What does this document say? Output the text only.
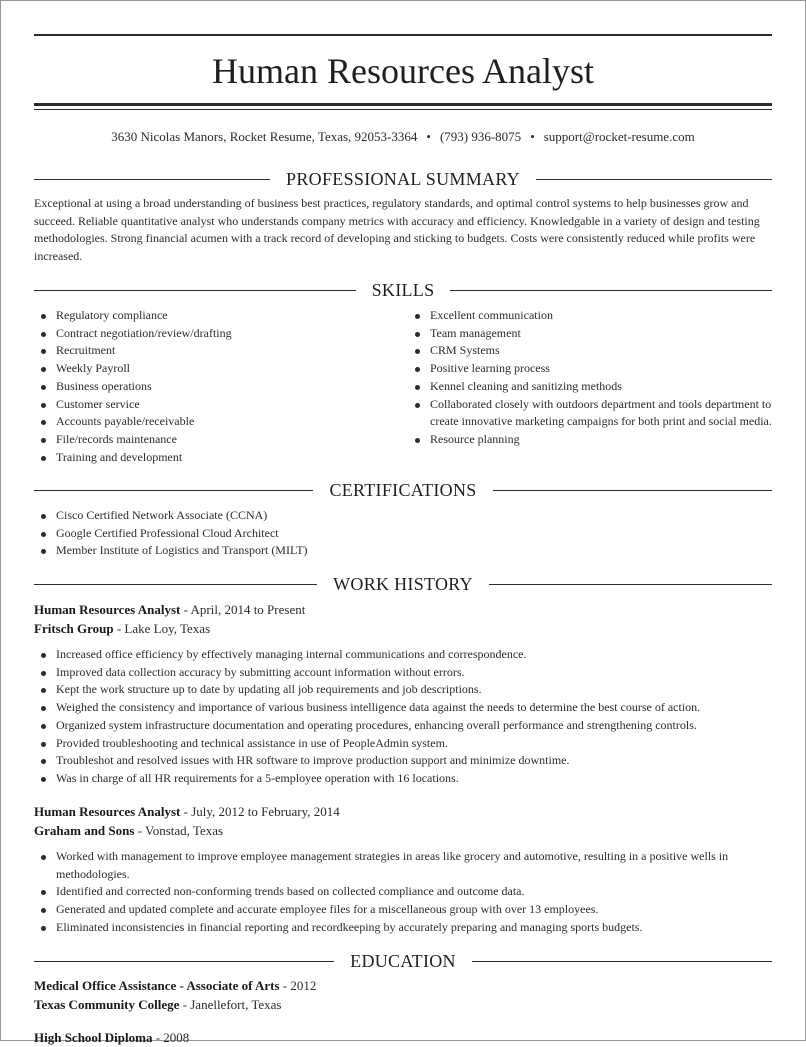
Human Resources Analyst
3630 Nicolas Manors, Rocket Resume, Texas, 92053-3364 • (793) 936-8075 • support@rocket-resume.com
PROFESSIONAL SUMMARY
Exceptional at using a broad understanding of business best practices, regulatory standards, and optimal control systems to help businesses grow and succeed. Reliable quantitative analyst who understands company metrics with accuracy and efficiency. Knowledgable in a variety of design and testing methodologies. Strong financial acumen with a track record of developing and sticking to budgets. Costs were consistently reduced while profits were increased.
SKILLS
Regulatory compliance
Contract negotiation/review/drafting
Recruitment
Weekly Payroll
Business operations
Customer service
Accounts payable/receivable
File/records maintenance
Training and development
Excellent communication
Team management
CRM Systems
Positive learning process
Kennel cleaning and sanitizing methods
Collaborated closely with outdoors department and tools department to create innovative marketing campaigns for both print and social media.
Resource planning
CERTIFICATIONS
Cisco Certified Network Associate (CCNA)
Google Certified Professional Cloud Architect
Member Institute of Logistics and Transport (MILT)
WORK HISTORY
Human Resources Analyst - April, 2014 to Present
Fritsch Group - Lake Loy, Texas
Increased office efficiency by effectively managing internal communications and correspondence.
Improved data collection accuracy by submitting account information without errors.
Kept the work structure up to date by updating all job requirements and job descriptions.
Weighed the consistency and importance of various business intelligence data against the needs to determine the best course of action.
Organized system infrastructure documentation and operating procedures, enhancing overall performance and strengthening controls.
Provided troubleshooting and technical assistance in use of PeopleAdmin system.
Troubleshot and resolved issues with HR software to improve production support and minimize downtime.
Was in charge of all HR requirements for a 5-employee operation with 16 locations.
Human Resources Analyst - July, 2012 to February, 2014
Graham and Sons - Vonstad, Texas
Worked with management to improve employee management strategies in areas like grocery and automotive, resulting in a positive wells in methodologies.
Identified and corrected non-conforming trends based on collected compliance and outcome data.
Generated and updated complete and accurate employee files for a miscellaneous group with over 13 employees.
Eliminated inconsistencies in financial reporting and recordkeeping by accurately preparing and managing sports budgets.
EDUCATION
Medical Office Assistance - Associate of Arts - 2012
Texas Community College - Janellefort, Texas
High School Diploma - 2008
